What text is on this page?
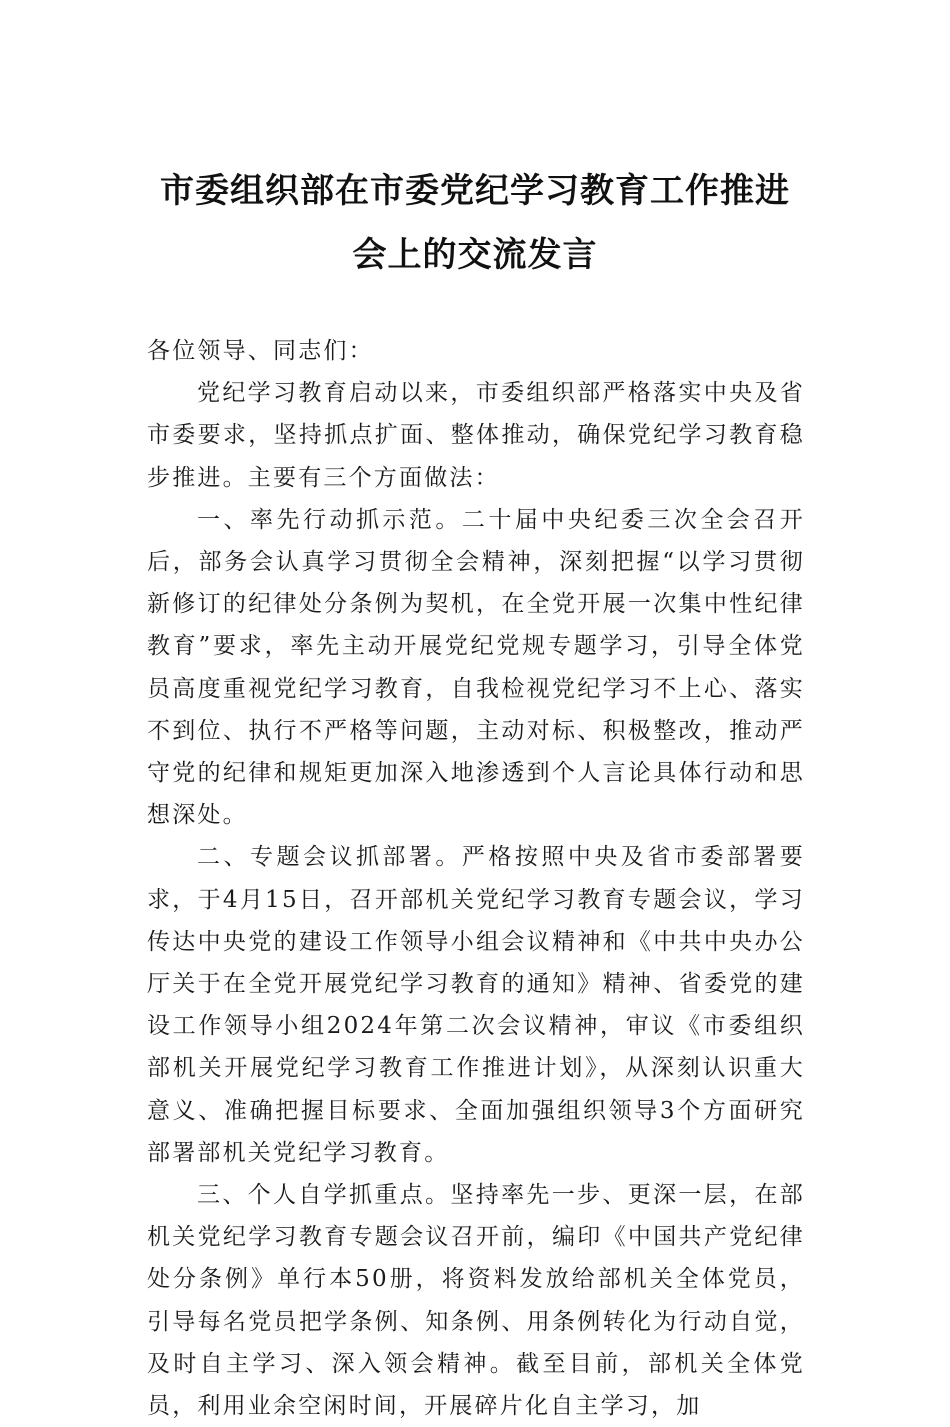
市委组织部在市委党纪学习教育工作推进
会上的交流发言

各位领导、同志们：

党纪学习教育启动以来，市委组织部严格落实中央及省市委要求，坚持抓点扩面、整体推动，确保党纪学习教育稳步推进。主要有三个方面做法：

一、率先行动抓示范。二十届中央纪委三次全会召开后，部务会认真学习贯彻全会精神，深刻把握“以学习贯彻新修订的纪律处分条例为契机，在全党开展一次集中性纪律教育”要求，率先主动开展党纪党规专题学习，引导全体党员高度重视党纪学习教育，自我检视党纪学习不上心、落实不到位、执行不严格等问题，主动对标、积极整改，推动严守党的纪律和规矩更加深入地渗透到个人言论具体行动和思想深处。

二、专题会议抓部署。严格按照中央及省市委部署要求，于4月15日，召开部机关党纪学习教育专题会议，学习传达中央党的建设工作领导小组会议精神和《中共中央办公厅关于在全党开展党纪学习教育的通知》精神、省委党的建设工作领导小组2024年第二次会议精神，审议《市委组织部机关开展党纪学习教育工作推进计划》，从深刻认识重大意义、准确把握目标要求、全面加强组织领导3个方面研究部署部机关党纪学习教育。

三、个人自学抓重点。坚持率先一步、更深一层，在部机关党纪学习教育专题会议召开前，编印《中国共产党纪律处分条例》单行本50册，将资料发放给部机关全体党员，引导每名党员把学条例、知条例、用条例转化为行动自觉，及时自主学习、深入领会精神。截至目前，部机关全体党员，利用业余空闲时间，开展碎片化自主学习，加
